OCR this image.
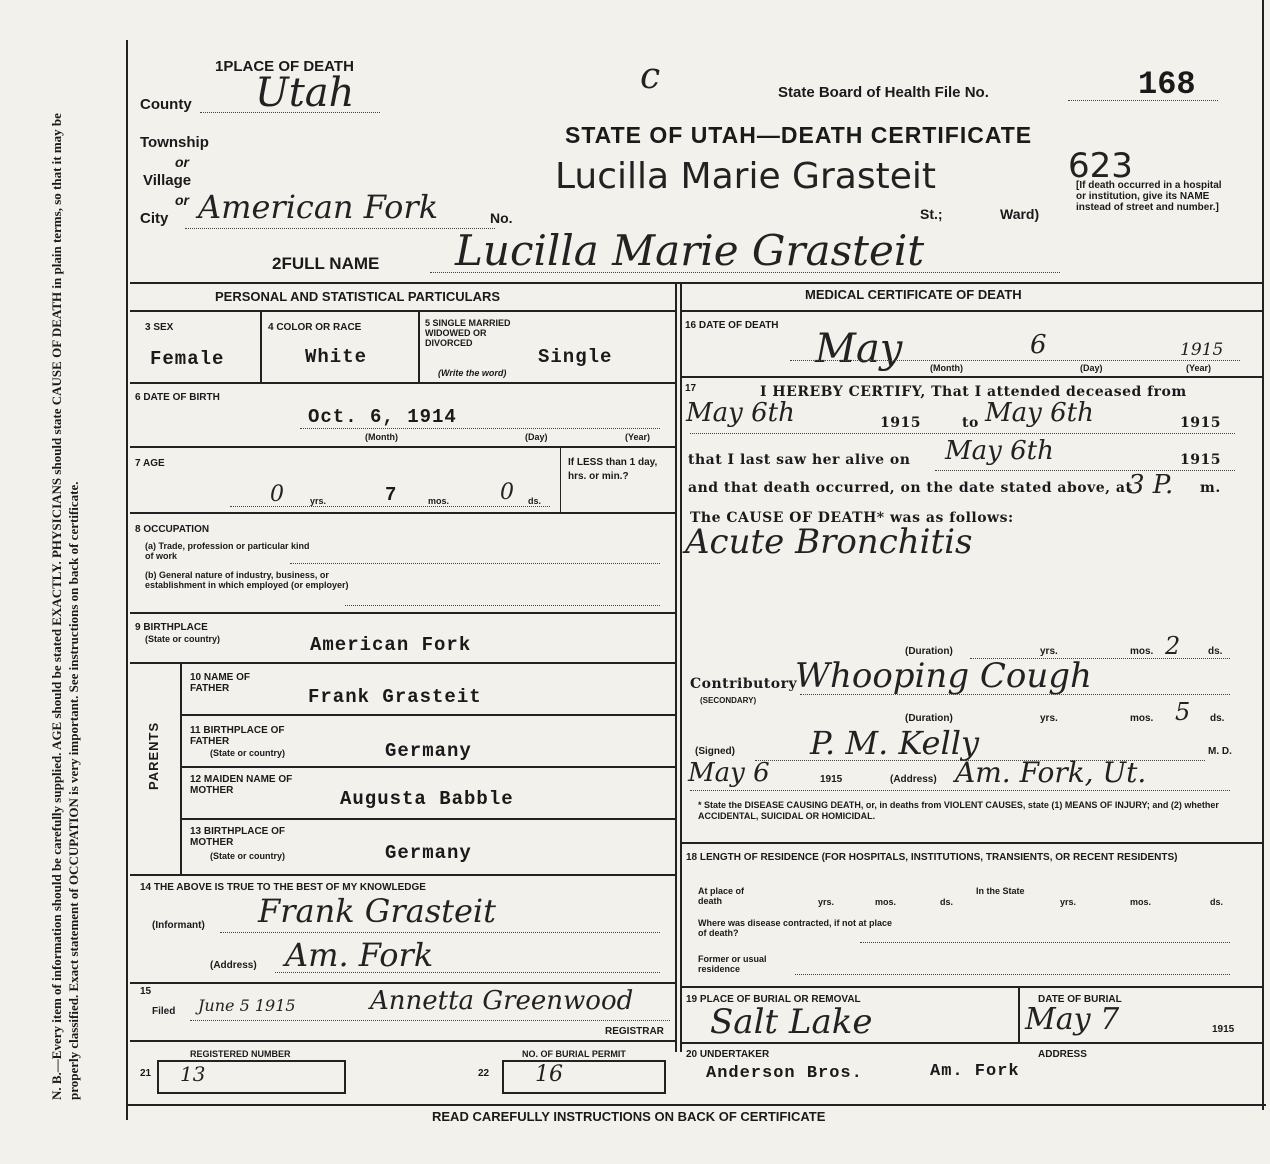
N. B.—Every item of information should be carefully supplied. AGE should be stated EXACTLY. PHYSICIANS should state CAUSE OF DEATH in plain terms, so that it may be properly classified. Exact statement of OCCUPATION is very important. See instructions on back of certificate.
1PLACE OF DEATH
County Utah
Township
or
Village
or
City American Fork	No.	St.;	Ward)
c	State Board of Health File No.	168
STATE OF UTAH—DEATH CERTIFICATE
Lucilla Marie Grasteit	623
[If death occurred in a hospital or institution, give its NAME instead of street and number.]
2FULL NAME Lucilla Marie Grasteit
PERSONAL AND STATISTICAL PARTICULARS
3 SEX
Female
4 COLOR OR RACE
White
5 SINGLE MARRIED WIDOWED OR DIVORCED
(Write the word)
Single
6 DATE OF BIRTH
Oct. 6, 1914
(Month)	(Day)	(Year)
7 AGE
0	yrs.	7	mos. 0 ds.
If LESS than 1 day, hrs. or min.?
8 OCCUPATION
(a) Trade, profession or particular kind of work
(b) General nature of industry, business, or establishment in which employed (or employer)
9 BIRTHPLACE
(State or country)	American Fork
PARENTS
10 NAME OF FATHER	Frank Grasteit
11 BIRTHPLACE OF FATHER
(State or country)	Germany
12 MAIDEN NAME OF MOTHER	Augusta Babble
13 BIRTHPLACE OF MOTHER
(State or country)	Germany
14 THE ABOVE IS TRUE TO THE BEST OF MY KNOWLEDGE
(Informant) Frank Grasteit
(Address) Am. Fork
15
Filed June 5 1915	Annetta Greenwood
REGISTRAR
REGISTERED NUMBER	NO. OF BURIAL PERMIT
21 13	22 16
MEDICAL CERTIFICATE OF DEATH
16 DATE OF DEATH
May	6	1915
(Month)	(Day)	(Year)
17	I HEREBY CERTIFY, That I attended deceased from
May 6th	1915	to May 6th	1915
that I last saw her alive on May 6th	1915
and that death occurred, on the date stated above, at
3 P. m.
The CAUSE OF DEATH* was as follows:
Acute Bronchitis
(Duration)	yrs.	mos. 2	ds.
Contributory
(SECONDARY)
Whooping Cough
(Duration)	yrs.	mos. 5 ds.
(Signed) P. M. Kelly	M. D.
May 6	1915	(Address) Am. Fork, Ut.
* State the DISEASE CAUSING DEATH, or, in deaths from VIOLENT CAUSES, state (1) MEANS OF INJURY; and (2) whether ACCIDENTAL, SUICIDAL OR HOMICIDAL.
18 LENGTH OF RESIDENCE (FOR HOSPITALS, INSTITUTIONS, TRANSIENTS, OR RECENT RESIDENTS)
At place of death	yrs.	mos.	ds.
In the State
yrs.	mos.	ds.
Where was disease contracted, if not at place of death?
Former or usual residence
19 PLACE OF BURIAL OR REMOVAL
Salt Lake
DATE OF BURIAL
May 7	1915
20 UNDERTAKER
Anderson Bros.
ADDRESS
Am. Fork
READ CAREFULLY INSTRUCTIONS ON BACK OF CERTIFICATE
